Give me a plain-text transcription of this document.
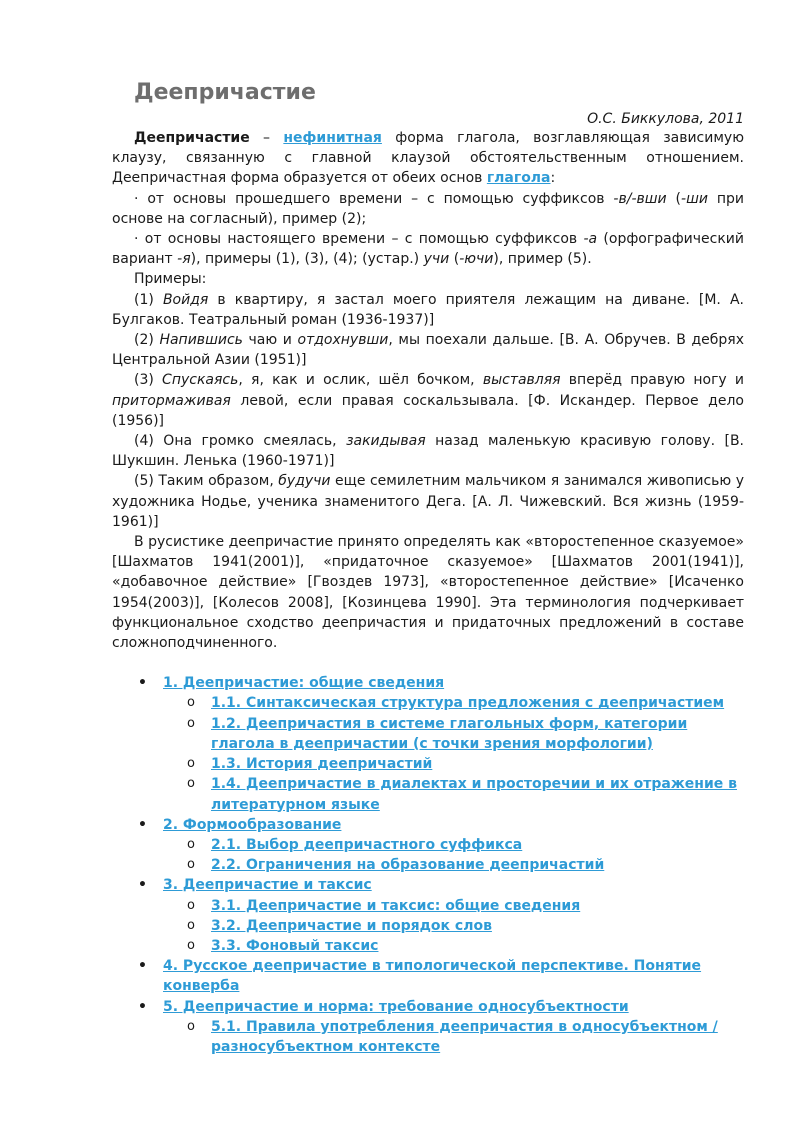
Деепричастие
О.С. Биккулова, 2011

Деепричастие – нефинитная форма глагола, возглавляющая зависимую клаузу, связанную с главной клаузой обстоятельственным отношением. Деепричастная форма образуется от обеих основ глагола:

· от основы прошедшего времени – с помощью суффиксов -в/-вши (-ши при основе на согласный), пример (2);

· от основы настоящего времени – с помощью суффиксов -а (орфографический вариант -я), примеры (1), (3), (4); (устар.) учи (-ючи), пример (5).

Примеры:

(1) Войдя в квартиру, я застал моего приятеля лежащим на диване. [М. А. Булгаков. Театральный роман (1936-1937)]

(2) Напившись чаю и отдохнувши, мы поехали дальше. [В. А. Обручев. В дебрях Центральной Азии (1951)]

(3) Спускаясь, я, как и ослик, шёл бочком, выставляя вперёд правую ногу и притормаживая левой, если правая соскальзывала. [Ф. Искандер. Первое дело (1956)]

(4) Она громко смеялась, закидывая назад маленькую красивую голову. [В. Шукшин. Ленька (1960-1971)]

(5) Таким образом, будучи еще семилетним мальчиком я занимался живописью у художника Нодье, ученика знаменитого Дега. [А. Л. Чижевский. Вся жизнь (1959-1961)]

В русистике деепричастие принято определять как «второстепенное сказуемое» [Шахматов 1941(2001)], «придаточное сказуемое» [Шахматов 2001(1941)], «добавочное действие» [Гвоздев 1973], «второстепенное действие» [Исаченко 1954(2003)], [Колесов 2008], [Козинцева 1990]. Эта терминология подчеркивает функциональное сходство деепричастия и придаточных предложений в составе сложноподчиненного.

• 1. Деепричастие: общие сведения
o 1.1. Синтаксическая структура предложения с деепричастием
o 1.2. Деепричастия в системе глагольных форм, категории глагола в деепричастии (с точки зрения морфологии)
o 1.3. История деепричастий
o 1.4. Деепричастие в диалектах и просторечии и их отражение в литературном языке
• 2. Формообразование
o 2.1. Выбор деепричастного суффикса
o 2.2. Ограничения на образование деепричастий
• 3. Деепричастие и таксис
o 3.1. Деепричастие и таксис: общие сведения
o 3.2. Деепричастие и порядок слов
o 3.3. Фоновый таксис
• 4. Русское деепричастие в типологической перспективе. Понятие конверба
• 5. Деепричастие и норма: требование односубъектности
o 5.1. Правила употребления деепричастия в односубъектном / разносубъектном контексте
